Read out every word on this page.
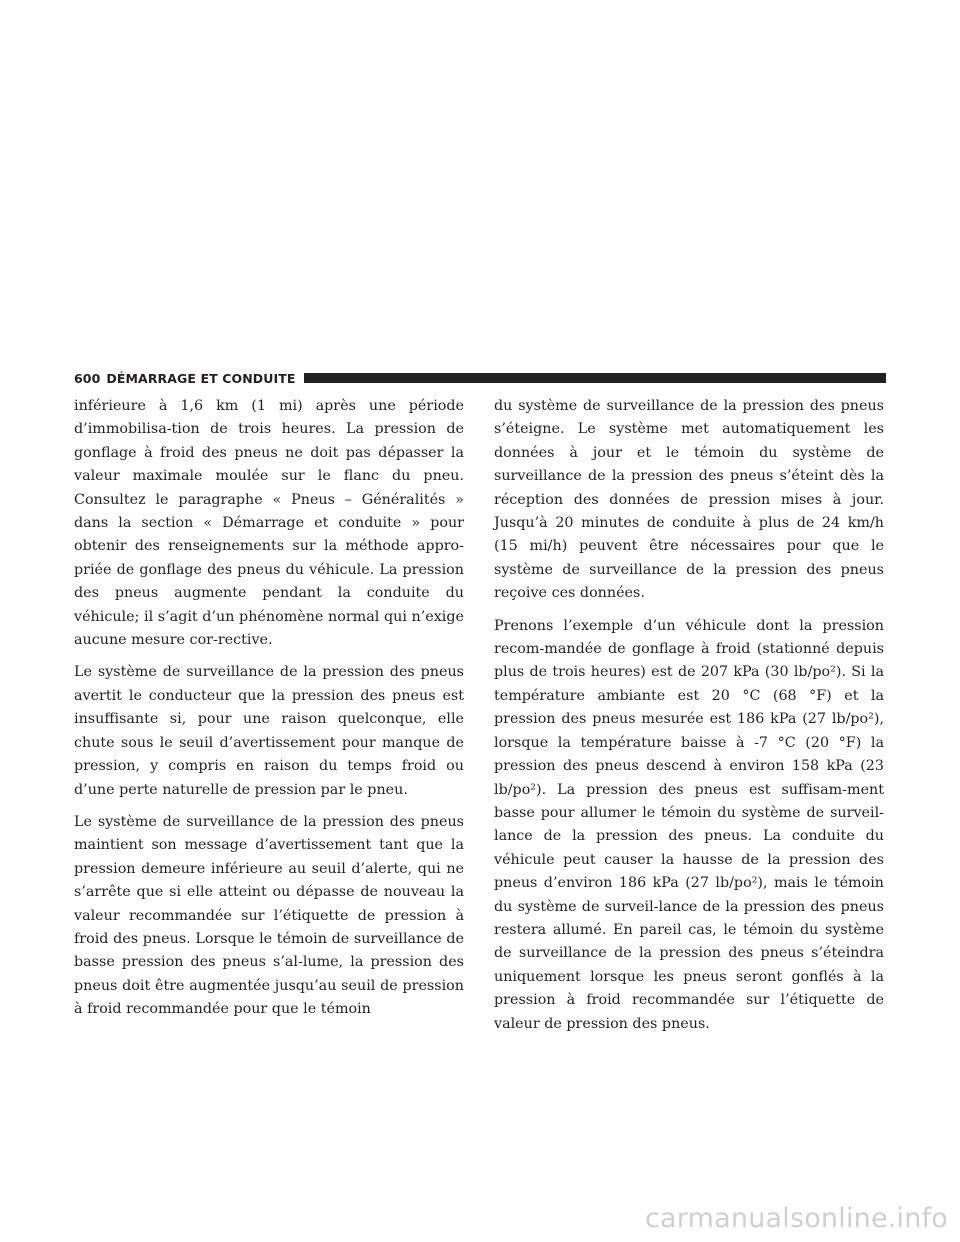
600 DÉMARRAGE ET CONDUITE

inférieure à 1,6 km (1 mi) après une période d’immobilisa-tion de trois heures. La pression de gonflage à froid des pneus ne doit pas dépasser la valeur maximale moulée sur le flanc du pneu. Consultez le paragraphe « Pneus – Généralités » dans la section « Démarrage et conduite » pour obtenir des renseignements sur la méthode appro-priée de gonflage des pneus du véhicule. La pression des pneus augmente pendant la conduite du véhicule; il s’agit d’un phénomène normal qui n’exige aucune mesure cor-rective.

Le système de surveillance de la pression des pneus avertit le conducteur que la pression des pneus est insuffisante si, pour une raison quelconque, elle chute sous le seuil d’avertissement pour manque de pression, y compris en raison du temps froid ou d’une perte naturelle de pression par le pneu.

Le système de surveillance de la pression des pneus maintient son message d’avertissement tant que la pression demeure inférieure au seuil d’alerte, qui ne s’arrête que si elle atteint ou dépasse de nouveau la valeur recommandée sur l’étiquette de pression à froid des pneus. Lorsque le témoin de surveillance de basse pression des pneus s’al-lume, la pression des pneus doit être augmentée jusqu’au seuil de pression à froid recommandée pour que le témoin

du système de surveillance de la pression des pneus s’éteigne. Le système met automatiquement les données à jour et le témoin du système de surveillance de la pression des pneus s’éteint dès la réception des données de pression mises à jour. Jusqu’à 20 minutes de conduite à plus de 24 km/h (15 mi/h) peuvent être nécessaires pour que le système de surveillance de la pression des pneus reçoive ces données.

Prenons l’exemple d’un véhicule dont la pression recom-mandée de gonflage à froid (stationné depuis plus de trois heures) est de 207 kPa (30 lb/po²). Si la température ambiante est 20 °C (68 °F) et la pression des pneus mesurée est 186 kPa (27 lb/po²), lorsque la température baisse à -7 °C (20 °F) la pression des pneus descend à environ 158 kPa (23 lb/po²). La pression des pneus est suffisam-ment basse pour allumer le témoin du système de surveil-lance de la pression des pneus. La conduite du véhicule peut causer la hausse de la pression des pneus d’environ 186 kPa (27 lb/po²), mais le témoin du système de surveil-lance de la pression des pneus restera allumé. En pareil cas, le témoin du système de surveillance de la pression des pneus s’éteindra uniquement lorsque les pneus seront gonflés à la pression à froid recommandée sur l’étiquette de valeur de pression des pneus.

carmanualsonline.info
